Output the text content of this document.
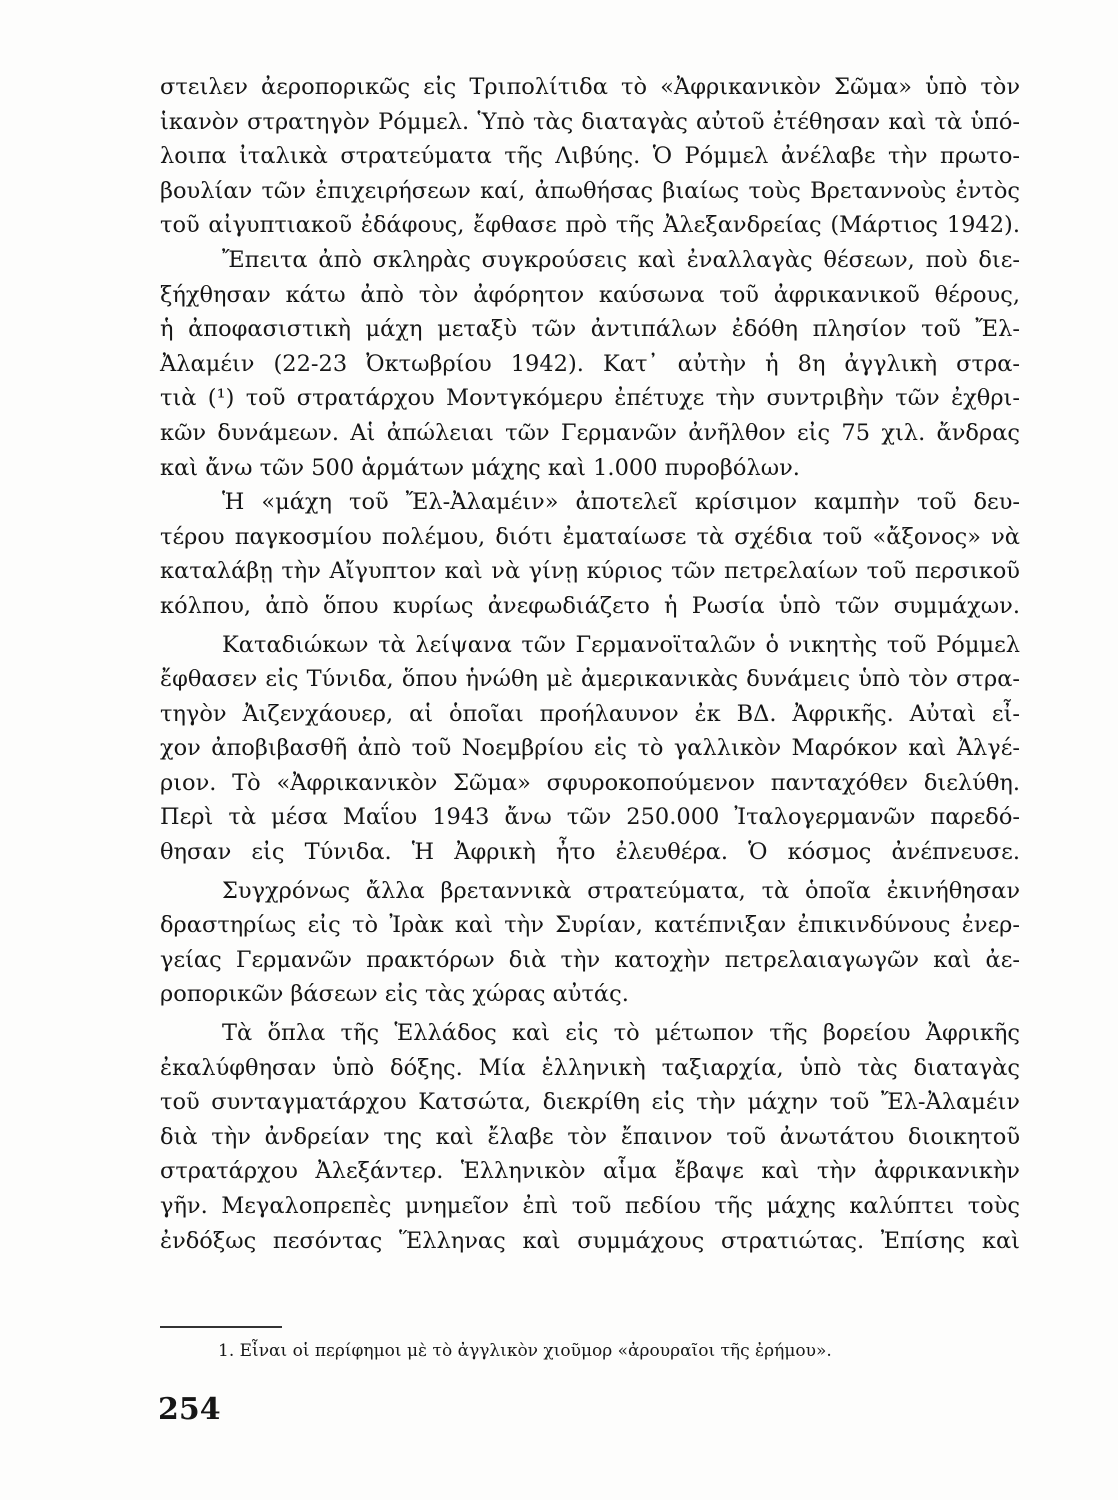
στειλεν ἀεροπορικῶς εἰς Τριπολίτιδα τὸ «Ἀφρικανικὸν Σῶμα» ὑπὸ τὸν
ἱκανὸν στρατηγὸν Ρόμμελ. Ὑπὸ τὰς διαταγὰς αὐτοῦ ἐτέθησαν καὶ τὰ ὑπό-
λοιπα ἰταλικὰ στρατεύματα τῆς Λιβύης. Ὁ Ρόμμελ ἀνέλαβε τὴν πρωτο-
βουλίαν τῶν ἐπιχειρήσεων καί, ἀπωθήσας βιαίως τοὺς Βρεταννοὺς ἐντὸς
τοῦ αἰγυπτιακοῦ ἐδάφους, ἔφθασε πρὸ τῆς Ἀλεξανδρείας (Μάρτιος 1942).
Ἔπειτα ἀπὸ σκληρὰς συγκρούσεις καὶ ἐναλλαγὰς θέσεων, ποὺ διε-
ξήχθησαν κάτω ἀπὸ τὸν ἀφόρητον καύσωνα τοῦ ἀφρικανικοῦ θέρους,
ἡ ἀποφασιστικὴ μάχη μεταξὺ τῶν ἀντιπάλων ἐδόθη πλησίον τοῦ Ἔλ-
Ἀλαμέιν (22-23 Ὀκτωβρίου 1942). Κατ᾿ αὐτὴν ἡ 8η ἀγγλικὴ στρα-
τιὰ (¹) τοῦ στρατάρχου Μοντγκόμερυ ἐπέτυχε τὴν συντριβὴν τῶν ἐχθρι-
κῶν δυνάμεων. Αἱ ἀπώλειαι τῶν Γερμανῶν ἀνῆλθον εἰς 75 χιλ. ἄνδρας
καὶ ἄνω τῶν 500 ἁρμάτων μάχης καὶ 1.000 πυροβόλων.
Ἡ «μάχη τοῦ Ἔλ-Ἀλαμέιν» ἀποτελεῖ κρίσιμον καμπὴν τοῦ δευ-
τέρου παγκοσμίου πολέμου, διότι ἐματαίωσε τὰ σχέδια τοῦ «ἄξονος» νὰ
καταλάβῃ τὴν Αἴγυπτον καὶ νὰ γίνῃ κύριος τῶν πετρελαίων τοῦ περσικοῦ
κόλπου, ἀπὸ ὅπου κυρίως ἀνεφωδιάζετο ἡ Ρωσία ὑπὸ τῶν συμμάχων.
Καταδιώκων τὰ λείψανα τῶν Γερμανοϊταλῶν ὁ νικητὴς τοῦ Ρόμμελ
ἔφθασεν εἰς Τύνιδα, ὅπου ἡνώθη μὲ ἀμερικανικὰς δυνάμεις ὑπὸ τὸν στρα-
τηγὸν Ἀιζενχάουερ, αἱ ὁποῖαι προήλαυνον ἐκ ΒΔ. Ἀφρικῆς. Αὐταὶ εἶ-
χον ἀποβιβασθῆ ἀπὸ τοῦ Νοεμβρίου εἰς τὸ γαλλικὸν Μαρόκον καὶ Ἀλγέ-
ριον. Τὸ «Ἀφρικανικὸν Σῶμα» σφυροκοπούμενον πανταχόθεν διελύθη.
Περὶ τὰ μέσα Μαΐου 1943 ἄνω τῶν 250.000 Ἰταλογερμανῶν παρεδό-
θησαν εἰς Τύνιδα. Ἡ Ἀφρικὴ ἦτο ἐλευθέρα. Ὁ κόσμος ἀνέπνευσε.
Συγχρόνως ἄλλα βρεταννικὰ στρατεύματα, τὰ ὁποῖα ἐκινήθησαν
δραστηρίως εἰς τὸ Ἰρὰκ καὶ τὴν Συρίαν, κατέπνιξαν ἐπικινδύνους ἐνερ-
γείας Γερμανῶν πρακτόρων διὰ τὴν κατοχὴν πετρελαιαγωγῶν καὶ ἀε-
ροπορικῶν βάσεων εἰς τὰς χώρας αὐτάς.
Τὰ ὅπλα τῆς Ἑλλάδος καὶ εἰς τὸ μέτωπον τῆς βορείου Ἀφρικῆς
ἐκαλύφθησαν ὑπὸ δόξης. Μία ἑλληνικὴ ταξιαρχία, ὑπὸ τὰς διαταγὰς
τοῦ συνταγματάρχου Κατσώτα, διεκρίθη εἰς τὴν μάχην τοῦ Ἔλ-Ἀλαμέιν
διὰ τὴν ἀνδρείαν της καὶ ἔλαβε τὸν ἔπαινον τοῦ ἀνωτάτου διοικητοῦ
στρατάρχου Ἀλεξάντερ. Ἑλληνικὸν αἷμα ἔβαψε καὶ τὴν ἀφρικανικὴν
γῆν. Μεγαλοπρεπὲς μνημεῖον ἐπὶ τοῦ πεδίου τῆς μάχης καλύπτει τοὺς
ἐνδόξως πεσόντας Ἕλληνας καὶ συμμάχους στρατιώτας. Ἐπίσης καὶ
1. Εἶναι οἱ περίφημοι μὲ τὸ ἀγγλικὸν χιοῦμορ «ἀρουραῖοι τῆς ἐρήμου».
254
